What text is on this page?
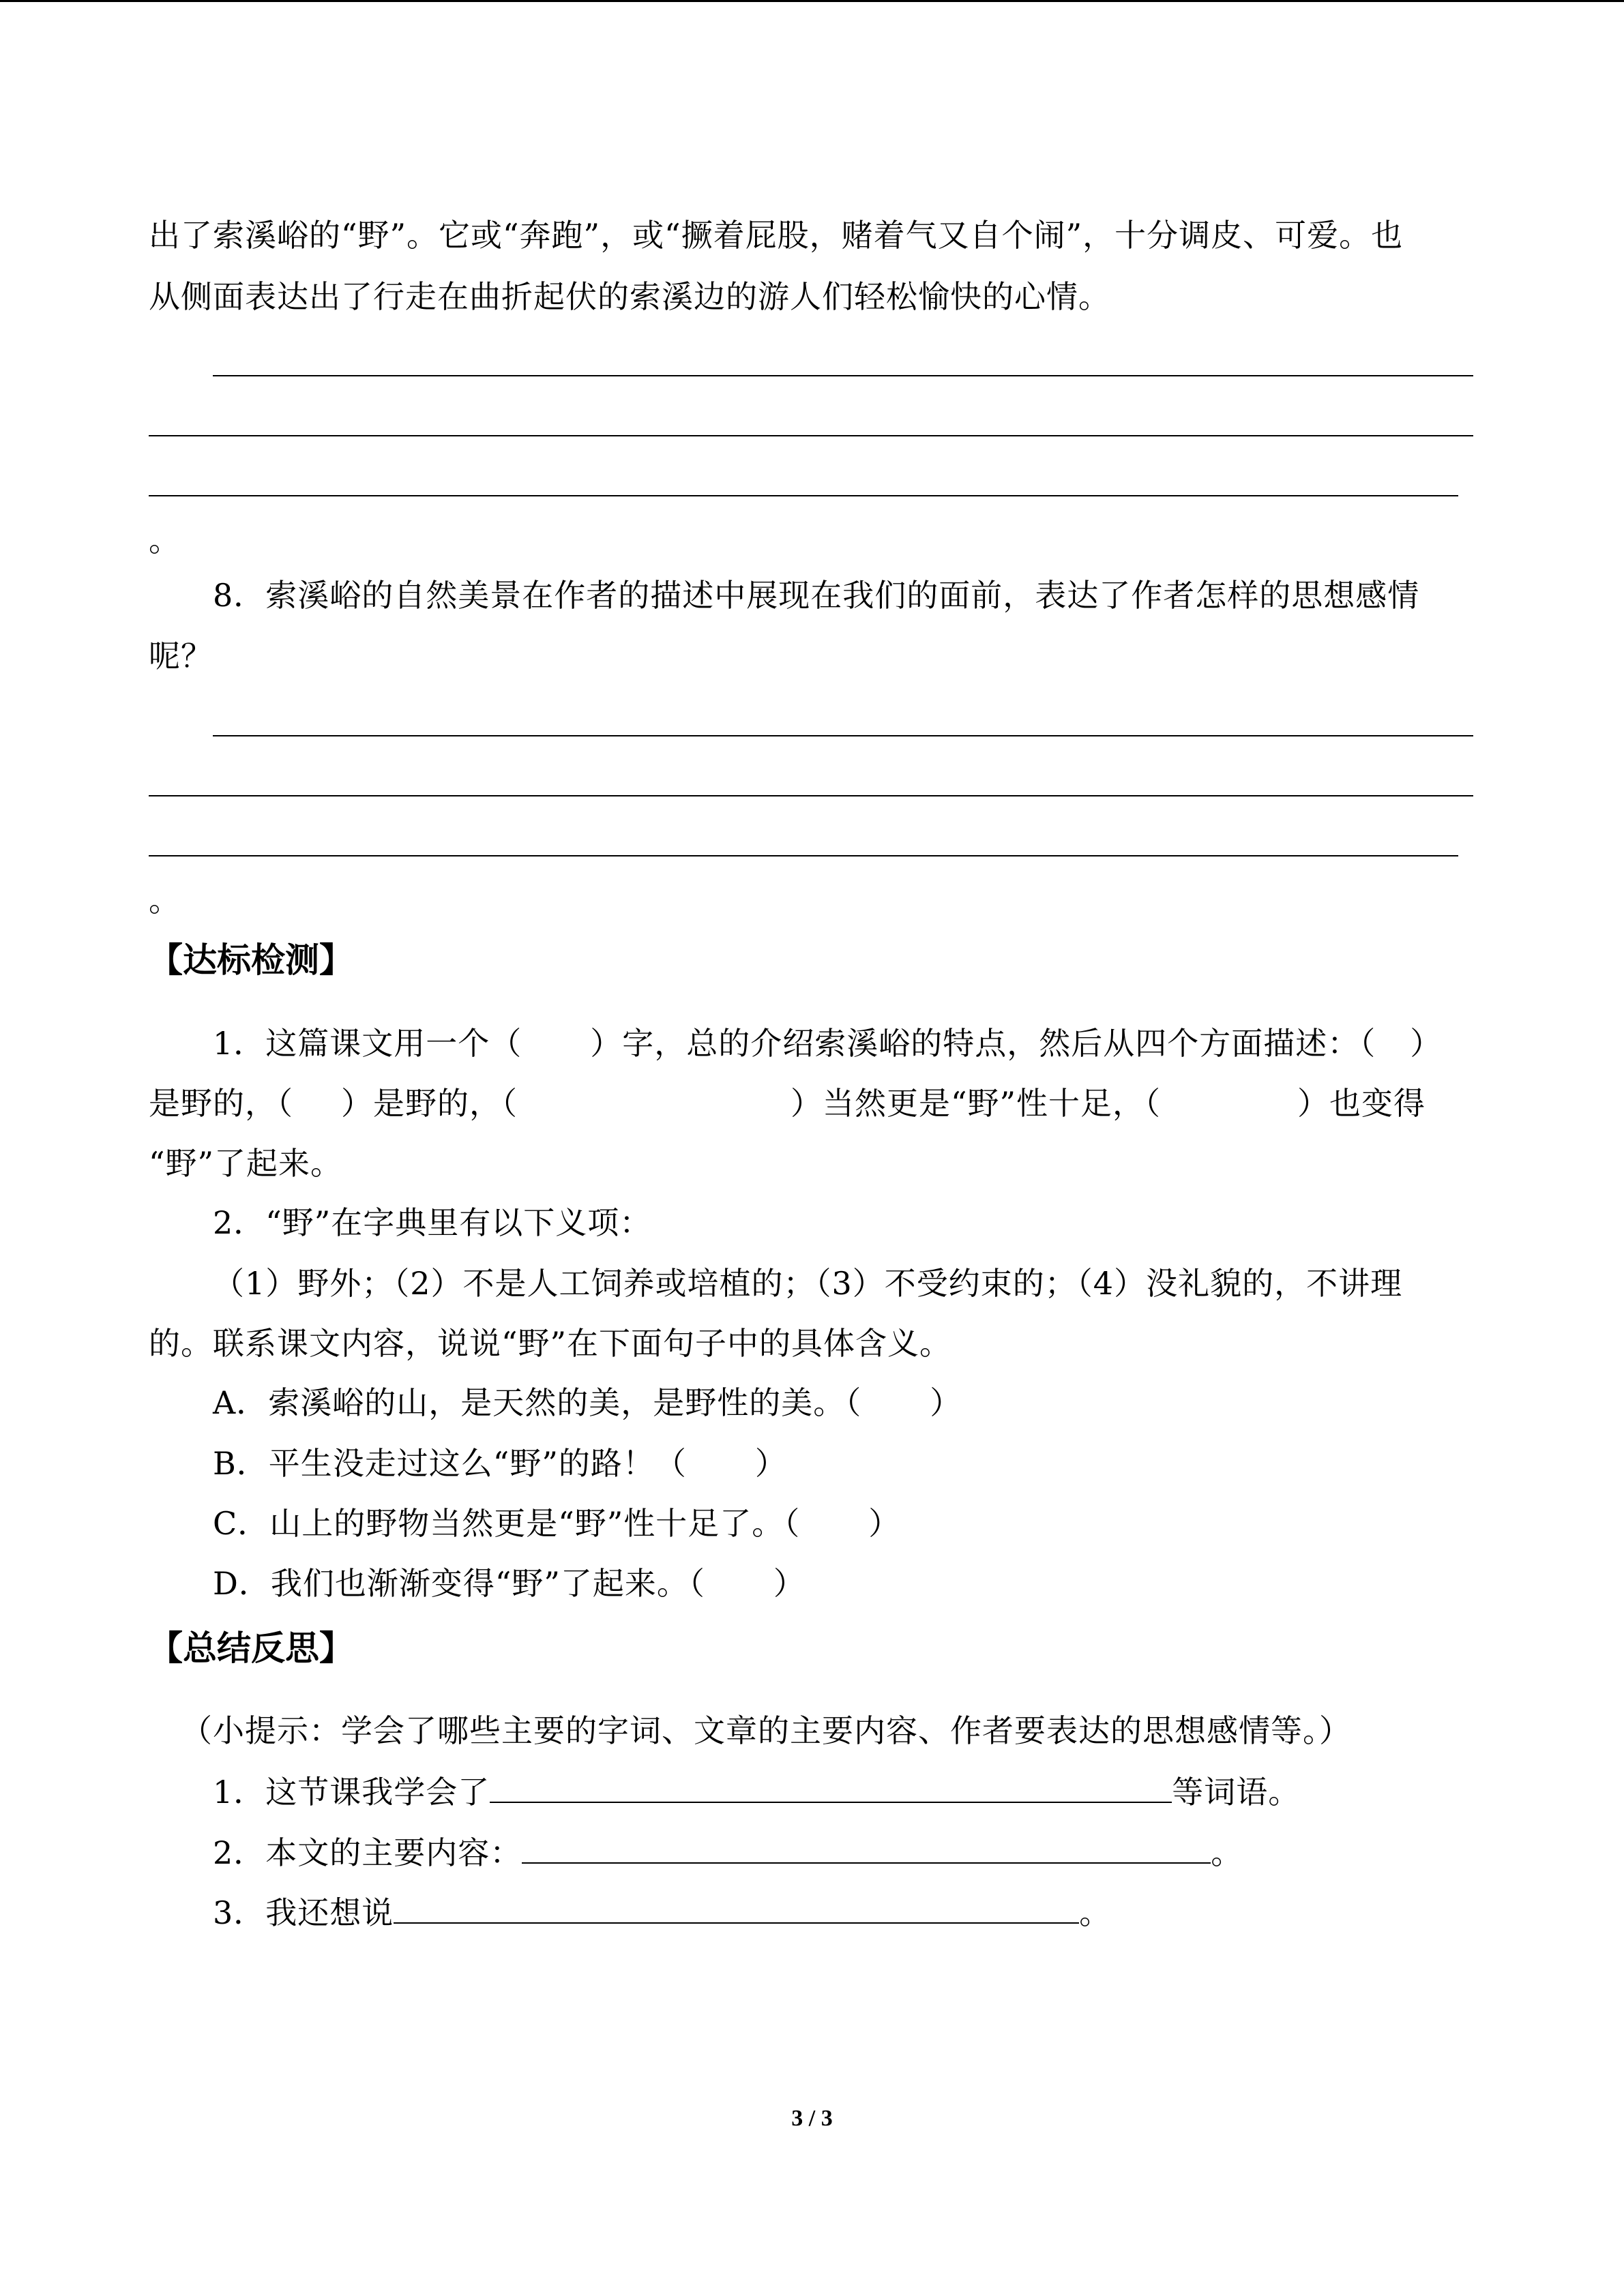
出了索溪峪的“野”。它或“奔跑”，或“撅着屁股，赌着气又自个闹”，十分调皮、可爱。也
从侧面表达出了行走在曲折起伏的索溪边的游人们轻松愉快的心情。
。
8．索溪峪的自然美景在作者的描述中展现在我们的面前，表达了作者怎样的思想感情
呢？
。
【达标检测】
1．这篇课文用一个（ ）字，总的介绍索溪峪的特点，然后从四个方面描述：（ ）
是野的，（ ）是野的，（	）当然更是“野”性十足，（	）也变得
“野”了起来。
2．“野”在字典里有以下义项：
（1）野外；（2）不是人工饲养或培植的；（3）不受约束的；（4）没礼貌的，不讲理
的。联系课文内容，说说“野”在下面句子中的具体含义。
A．索溪峪的山，是天然的美，是野性的美。（ ）
B．平生没走过这么“野”的路！（ ）
C．山上的野物当然更是“野”性十足了。（ ）
D．我们也渐渐变得“野”了起来。（ ）
【总结反思】
（小提示：学会了哪些主要的字词、文章的主要内容、作者要表达的思想感情等。）
1．这节课我学会了	等词语。
2．本文的主要内容：	。
3．我还想说	。
3 / 3
